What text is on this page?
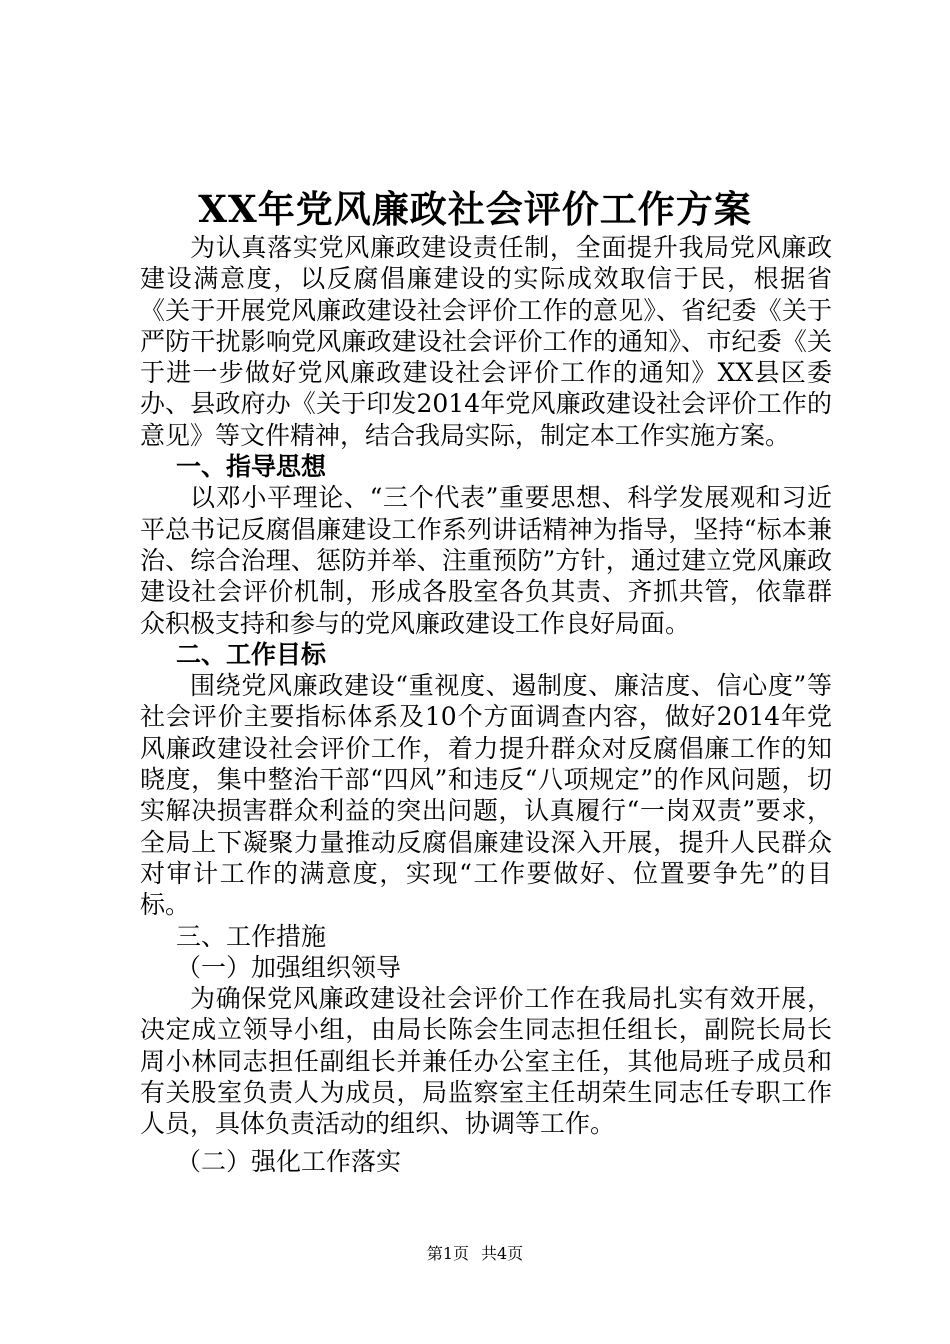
XX年党风廉政社会评价工作方案

为认真落实党风廉政建设责任制，全面提升我局党风廉政建设满意度，以反腐倡廉建设的实际成效取信于民，根据省《关于开展党风廉政建设社会评价工作的意见》、省纪委《关于严防干扰影响党风廉政建设社会评价工作的通知》、市纪委《关于进一步做好党风廉政建设社会评价工作的通知》XX县区委办、县政府办《关于印发2014年党风廉政建设社会评价工作的意见》等文件精神，结合我局实际，制定本工作实施方案。

一、指导思想

以邓小平理论、“三个代表”重要思想、科学发展观和习近平总书记反腐倡廉建设工作系列讲话精神为指导，坚持“标本兼治、综合治理、惩防并举、注重预防”方针，通过建立党风廉政建设社会评价机制，形成各股室各负其责、齐抓共管，依靠群众积极支持和参与的党风廉政建设工作良好局面。

二、工作目标

围绕党风廉政建设“重视度、遏制度、廉洁度、信心度”等社会评价主要指标体系及10个方面调查内容，做好2014年党风廉政建设社会评价工作，着力提升群众对反腐倡廉工作的知晓度，集中整治干部“四风”和违反“八项规定”的作风问题，切实解决损害群众利益的突出问题，认真履行“一岗双责”要求，全局上下凝聚力量推动反腐倡廉建设深入开展，提升人民群众对审计工作的满意度，实现“工作要做好、位置要争先”的目标。

三、工作措施
（一）加强组织领导

为确保党风廉政建设社会评价工作在我局扎实有效开展，决定成立领导小组，由局长陈会生同志担任组长，副院长局长周小林同志担任副组长并兼任办公室主任，其他局班子成员和有关股室负责人为成员，局监察室主任胡荣生同志任专职工作人员，具体负责活动的组织、协调等工作。

（二）强化工作落实
第1页 共4页
